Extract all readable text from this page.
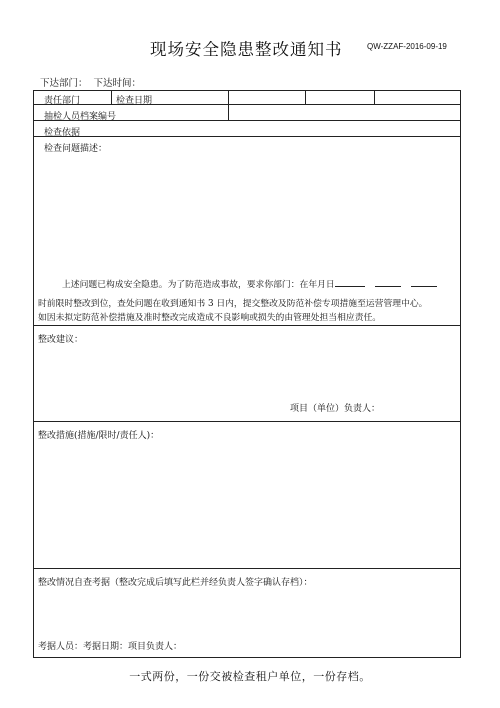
现场安全隐患整改通知书	QW-ZZAF-2016-09-19
下达部门： 下达时间：
责任部门	检查日期
抽检人员档案编号
检查依据
检查问题描述：
上述问题已构成安全隐患。为了防范造成事故，要求你部门：在年月日
时前限时整改到位，查处问题在收到通知书 3 日内，提交整改及防范补偿专项措施至运营管理中心。
如因未拟定防范补偿措施及准时整改完成造成不良影响或损失的由管理处担当相应责任。
整改建议：
项目（单位）负责人：
整改措施(措施/限时/责任人)：
整改情况自查考据（整改完成后填写此栏并经负责人签字确认存档）：
考据人员：考据日期：项目负责人：
一式两份，一份交被检查租户单位，一份存档。
